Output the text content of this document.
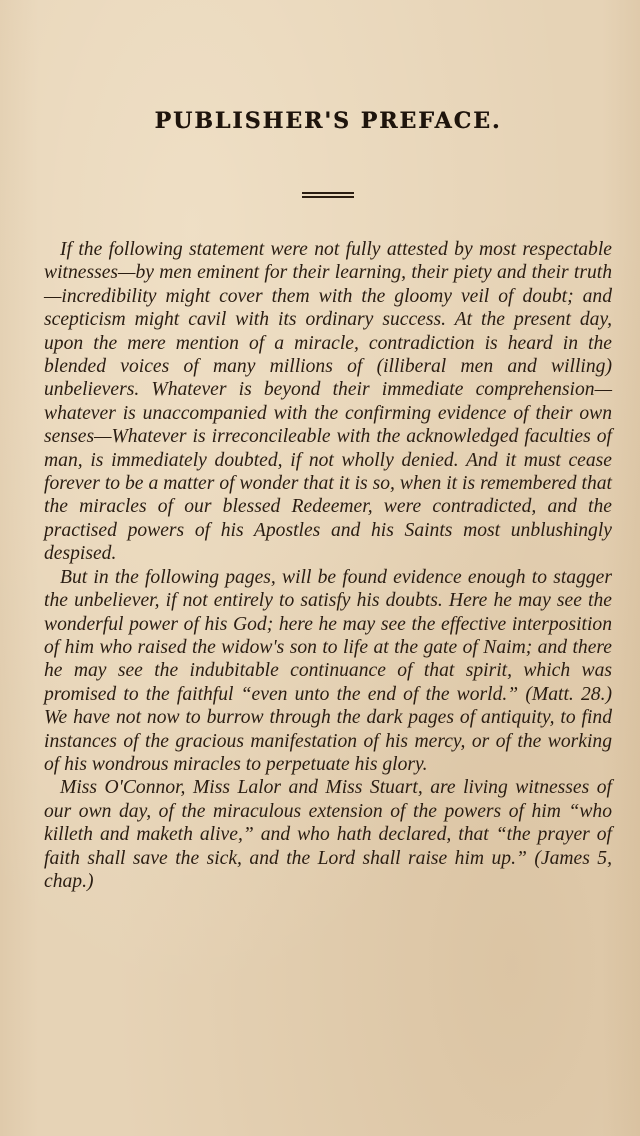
PUBLISHER'S PREFACE.

If the following statement were not fully attested by most respectable witnesses—by men eminent for their learning, their piety and their truth—incredibility might cover them with the gloomy veil of doubt; and scepticism might cavil with its ordinary success. At the present day, upon the mere mention of a miracle, contradiction is heard in the blended voices of many millions of (illiberal men and willing) unbelievers. Whatever is beyond their immediate comprehension—whatever is unaccompanied with the confirming evidence of their own senses—Whatever is irreconcileable with the acknowledged faculties of man, is immediately doubted, if not wholly denied. And it must cease forever to be a matter of wonder that it is so, when it is remembered that the miracles of our blessed Redeemer, were contradicted, and the practised powers of his Apostles and his Saints most unblushingly despised.

But in the following pages, will be found evidence enough to stagger the unbeliever, if not entirely to satisfy his doubts. Here he may see the wonderful power of his God; here he may see the effective interposition of him who raised the widow's son to life at the gate of Naim; and there he may see the indubitable continuance of that spirit, which was promised to the faithful “even unto the end of the world.” (Matt. 28.) We have not now to burrow through the dark pages of antiquity, to find instances of the gracious manifestation of his mercy, or of the working of his wondrous miracles to perpetuate his glory.

Miss O'Connor, Miss Lalor and Miss Stuart, are living witnesses of our own day, of the miraculous extension of the powers of him “who killeth and maketh alive,” and who hath declared, that “the prayer of faith shall save the sick, and the Lord shall raise him up.” (James 5, chap.)
